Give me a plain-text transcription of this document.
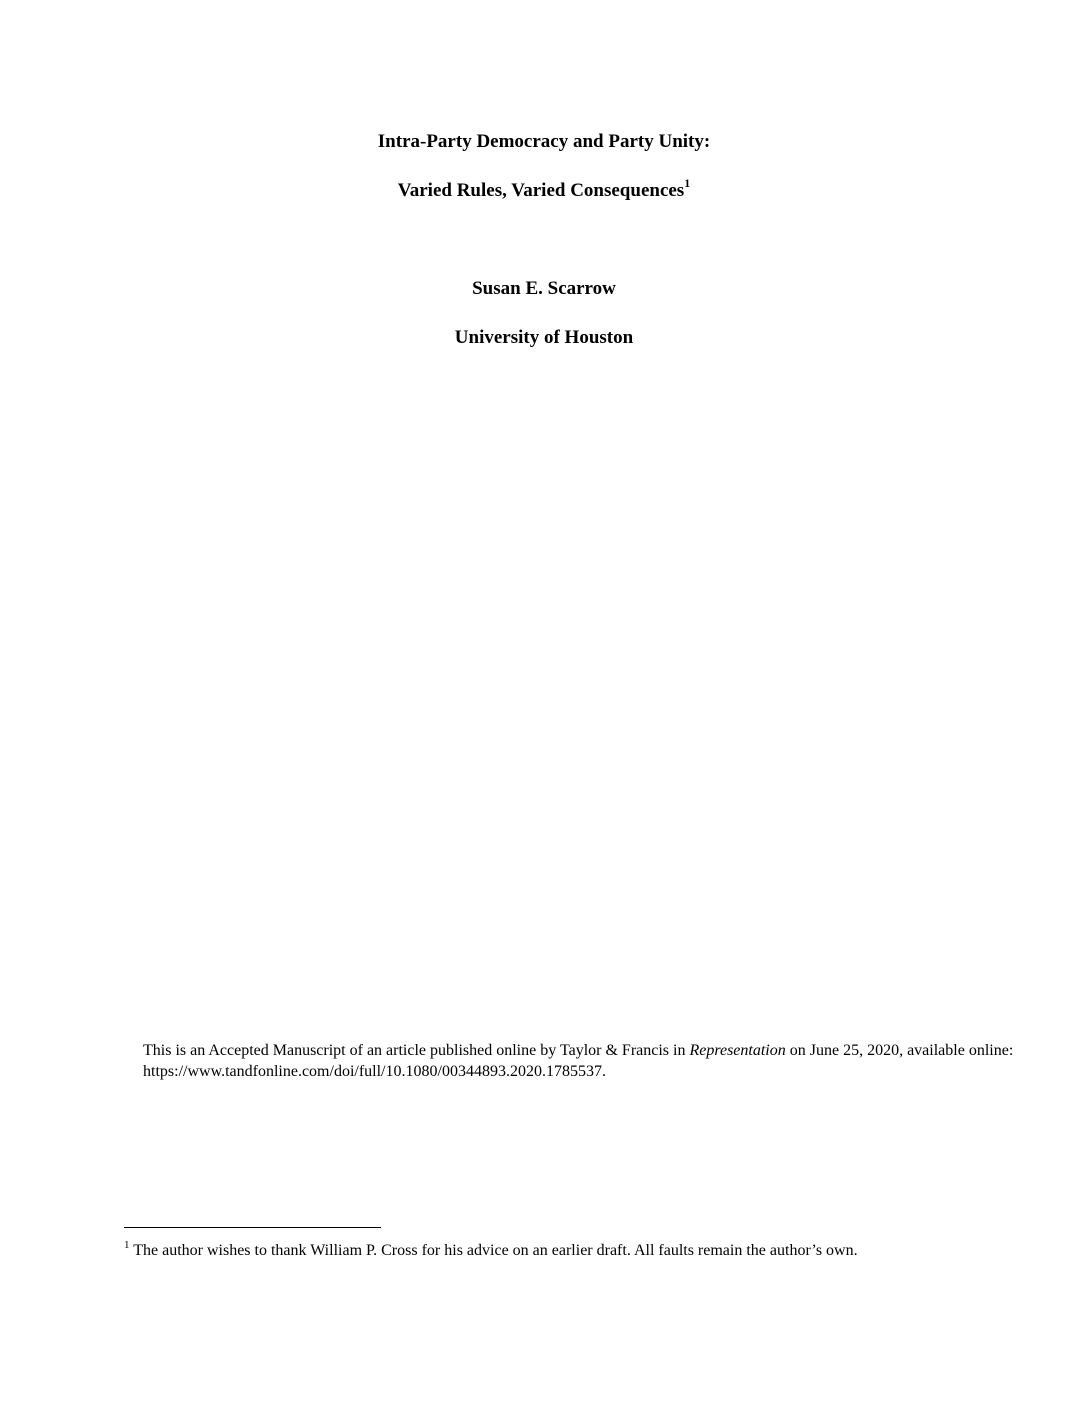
Intra-Party Democracy and Party Unity:
Varied Rules, Varied Consequences$^1$
Susan E. Scarrow
University of Houston
This is an Accepted Manuscript of an article published online by Taylor & Francis in Representation on June 25, 2020, available online: https://www.tandfonline.com/doi/full/10.1080/00344893.2020.1785537.
$^1$ The author wishes to thank William P. Cross for his advice on an earlier draft. All faults remain the author’s own.
